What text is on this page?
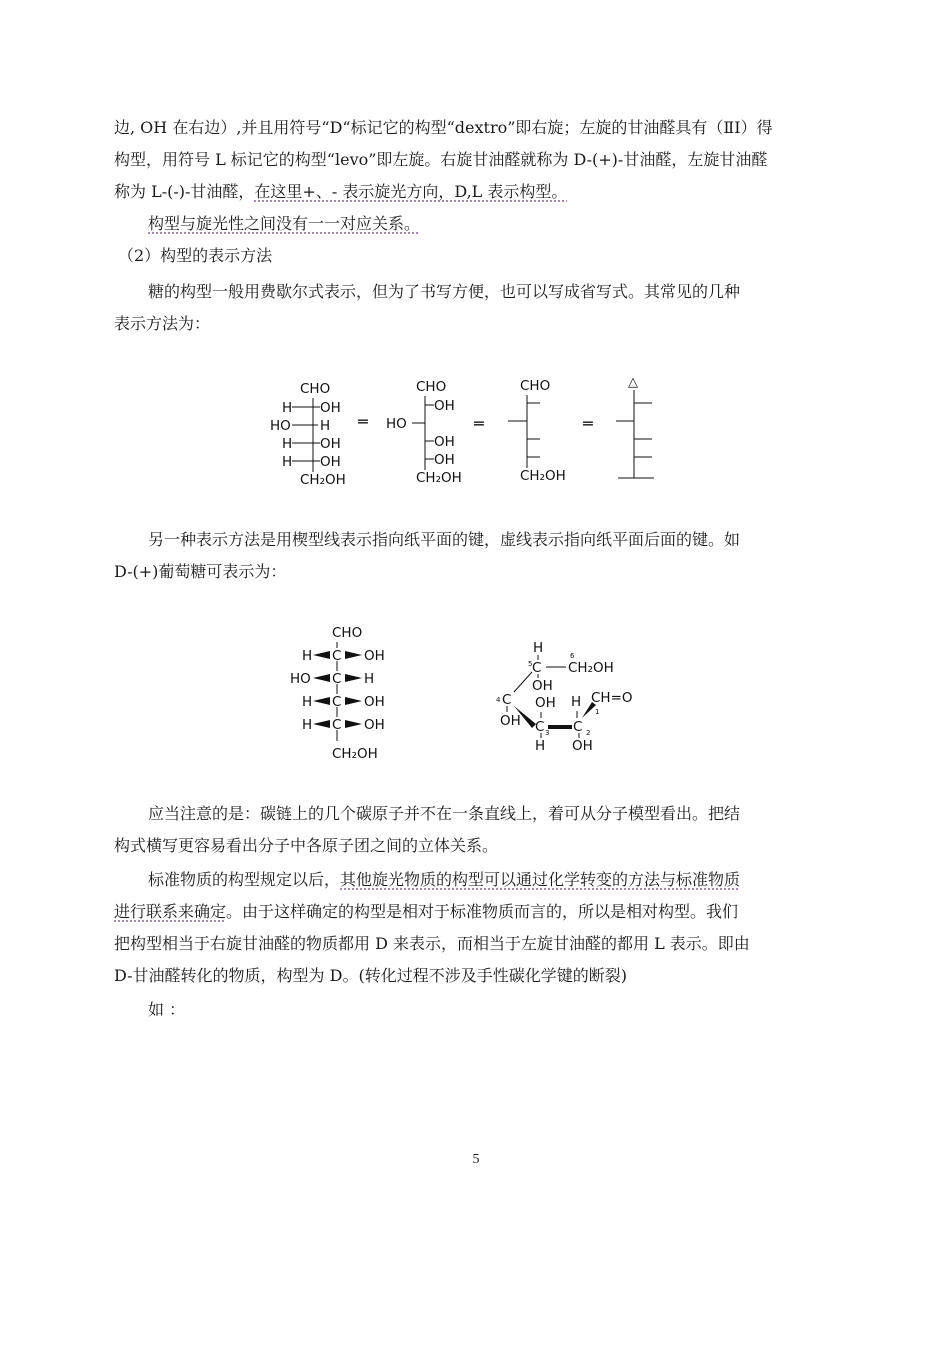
边, OH 在右边）,并且用符号“D“标记它的构型“dextro”即右旋；左旋的甘油醛具有（ⅡⅠ）得
构型，用符号 L 标记它的构型“levo”即左旋。右旋甘油醛就称为 D-(+)-甘油醛，左旋甘油醛
称为 L-(-)-甘油醛，在这里+、- 表示旋光方向，D,L 表示构型。
构型与旋光性之间没有一一对应关系。
（2）构型的表示方法
糖的构型一般用费歇尔式表示，但为了书写方便，也可以写成省写式。其常见的几种
表示方法为：
CHO
H OH
HO H
H OH
H OH
CH₂OH
═
CHO
OH
HO
OH
OH
CH₂OH
═
CHO
CH₂OH
═
△
另一种表示方法是用楔型线表示指向纸平面的键，虚线表示指向纸平面后面的键。如
D-(+)葡萄糖可表示为：
CHO
C
C
C
C
H	OH
HO	H
H	OH
H	OH
CH₂OH
H
C
5
6
CH₂OH
OH
4 C
OH
OH
C 3
H
H
C 2
OH
CH=O
1
应当注意的是：碳链上的几个碳原子并不在一条直线上，着可从分子模型看出。把结
构式横写更容易看出分子中各原子团之间的立体关系。
标准物质的构型规定以后，其他旋光物质的构型可以通过化学转变的方法与标准物质
进行联系来确定。由于这样确定的构型是相对于标准物质而言的，所以是相对构型。我们
把构型相当于右旋甘油醛的物质都用 D 来表示，而相当于左旋甘油醛的都用 L 表示。即由
D-甘油醛转化的物质，构型为 D。(转化过程不涉及手性碳化学键的断裂)
如 ：
5
